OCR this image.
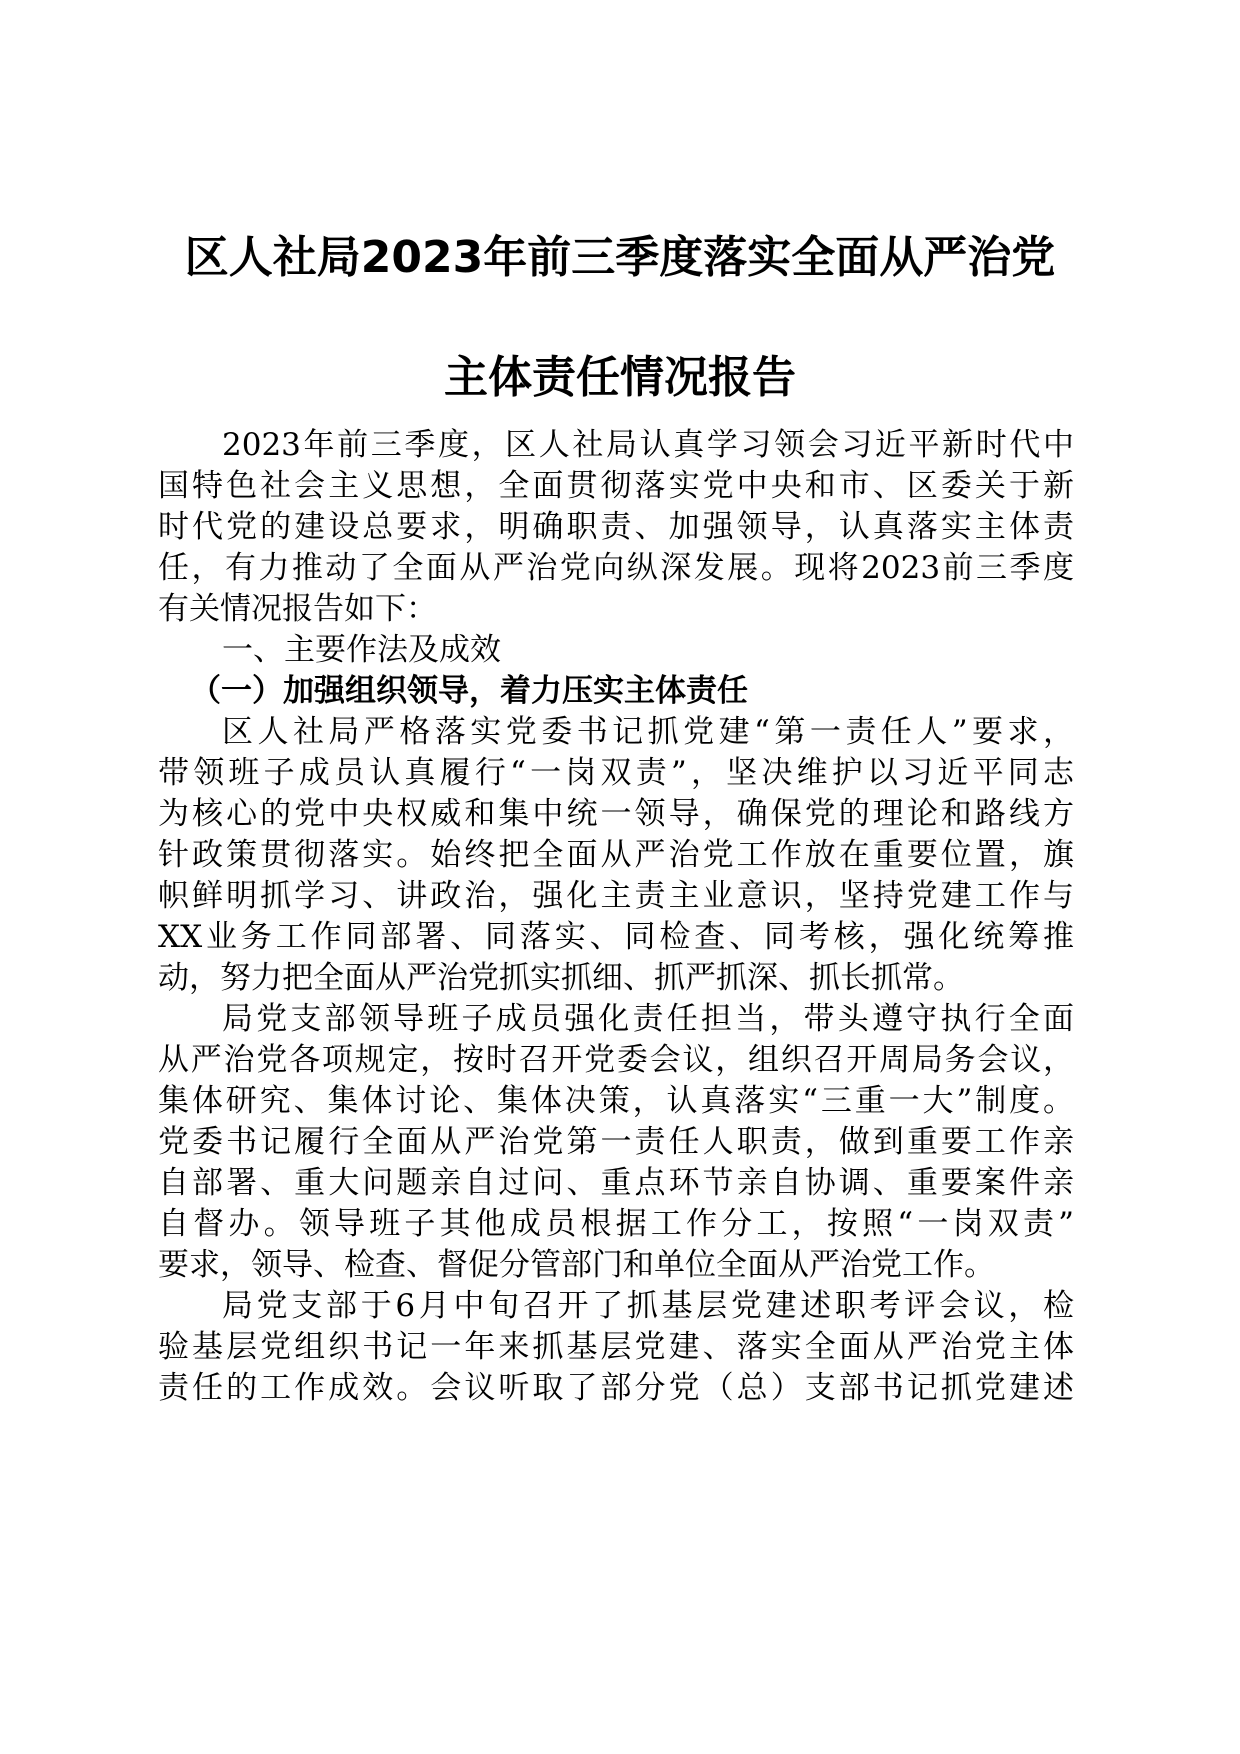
区人社局2023年前三季度落实全面从严治党
主体责任情况报告
2023年前三季度，区人社局认真学习领会习近平新时代中
国特色社会主义思想，全面贯彻落实党中央和市、区委关于新
时代党的建设总要求，明确职责、加强领导，认真落实主体责
任，有力推动了全面从严治党向纵深发展。现将2023前三季度
有关情况报告如下：
一、主要作法及成效
（一）加强组织领导，着力压实主体责任
区人社局严格落实党委书记抓党建“第一责任人”要求，
带领班子成员认真履行“一岗双责”，坚决维护以习近平同志
为核心的党中央权威和集中统一领导，确保党的理论和路线方
针政策贯彻落实。始终把全面从严治党工作放在重要位置，旗
帜鲜明抓学习、讲政治，强化主责主业意识，坚持党建工作与
XX业务工作同部署、同落实、同检查、同考核，强化统筹推
动，努力把全面从严治党抓实抓细、抓严抓深、抓长抓常。
局党支部领导班子成员强化责任担当，带头遵守执行全面
从严治党各项规定，按时召开党委会议，组织召开周局务会议，
集体研究、集体讨论、集体决策，认真落实“三重一大”制度。
党委书记履行全面从严治党第一责任人职责，做到重要工作亲
自部署、重大问题亲自过问、重点环节亲自协调、重要案件亲
自督办。领导班子其他成员根据工作分工，按照“一岗双责”
要求，领导、检查、督促分管部门和单位全面从严治党工作。
局党支部于6月中旬召开了抓基层党建述职考评会议，检
验基层党组织书记一年来抓基层党建、落实全面从严治党主体
责任的工作成效。会议听取了部分党（总）支部书记抓党建述
